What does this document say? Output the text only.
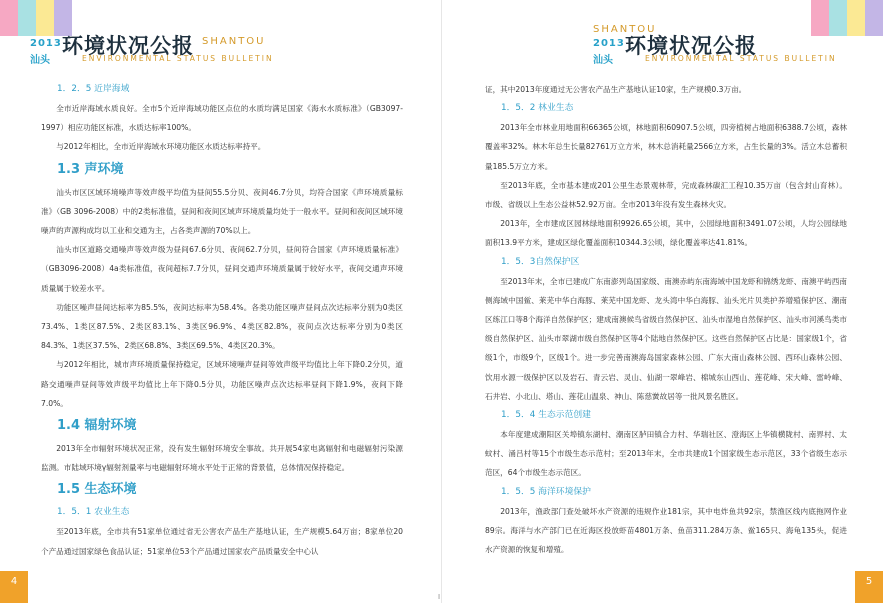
2013
汕头
环境状况公报 SHANTOU
ENVIRONMENTAL STATUS BULLETIN
1．2．5 近岸海域

全市近岸海域水质良好。全市5个近岸海域功能区点位的水质均满足国家《海水水质标准》（GB3097-1997）相应功能区标准，水质达标率100%。

与2012年相比，全市近岸海域水环境功能区水质达标率持平。

1.3 声环境

汕头市区区域环境噪声等效声级平均值为昼间55.5分贝、夜间46.7分贝，均符合国家《声环境质量标准》（GB 3096-2008）中的2类标准值，昼间和夜间区域声环境质量均处于一般水平。昼间和夜间区域环境噪声的声源构成均以工业和交通为主，占各类声源的70%以上。

汕头市区道路交通噪声等效声级为昼间67.6分贝、夜间62.7分贝，昼间符合国家《声环境质量标准》（GB3096-2008）4a类标准值，夜间超标7.7分贝，昼间交通声环境质量属于较好水平，夜间交通声环境质量属于较差水平。

功能区噪声昼间达标率为85.5%，夜间达标率为58.4%。各类功能区噪声昼间点次达标率分别为0类区73.4%、1类区87.5%、2类区83.1%、3类区96.9%、4类区82.8%，夜间点次达标率分别为0类区84.3%、1类区37.5%、2类区68.8%、3类区69.5%、4类区20.3%。

与2012年相比，城市声环境质量保持稳定，区域环境噪声昼间等效声级平均值比上年下降0.2分贝，道路交通噪声昼间等效声级平均值比上年下降0.5分贝，功能区噪声点次达标率昼间下降1.9%，夜间下降7.0%。

1.4 辐射环境

2013年全市辐射环境状况正常，没有发生辐射环境安全事故。共开展54家电离辐射和电磁辐射污染源监测。市陆域环境γ辐射剂量率与电磁辐射环境水平处于正常的背景值，总体情况保持稳定。

1.5 生态环境
1．5．1 农业生态

至2013年底，全市共有51家单位通过省无公害农产品生产基地认证，生产规模5.64万亩；8家单位20个产品通过国家绿色食品认证；51家单位53个产品通过国家农产品质量安全中心认

4
2013
汕头
环境状况公报
SHANTOU
ENVIRONMENTAL STATUS BULLETIN

证，其中2013年度通过无公害农产品生产基地认证10家，生产规模0.3万亩。

1．5．2 林业生态

2013年全市林业用地面积66365公顷，林地面积60907.5公顷，四旁植树占地面积6388.7公顷，森林覆盖率32%。林木年总生长量82761万立方米，林木总消耗量2566立方米，占生长量的3%。活立木总蓄积量185.5万立方米。

至2013年底，全市基本建成201公里生态景观林带，完成森林碳汇工程10.35万亩（包含封山育林）。市级、省级以上生态公益林52.92万亩。全市2013年没有发生森林火灾。

2013年，全市建成区园林绿地面积9926.65公顷，其中，公园绿地面积3491.07公顷，人均公园绿地面积13.9平方米，建成区绿化覆盖面积10344.3公顷，绿化覆盖率达41.81%。

1．5．3自然保护区

至2013年末，全市已建成广东南澎列岛国家级、南澳赤屿东南海域中国龙虾和锦绣龙虾、南澳平屿西南侧海域中国鲎、莱芜中华白海豚、莱芜中国龙虾、龙头湾中华白海豚、汕头光片贝类护养增殖保护区、潮南区练江口等8个海洋自然保护区；建成南澳候鸟省级自然保护区、汕头市湿地自然保护区、汕头市河溪鸟类市级自然保护区、汕头市翠湖市级自然保护区等4个陆地自然保护区。这些自然保护区占比是：国家级1个，省级1个，市级9个，区级1个。进一步完善南澳海岛国家森林公园、广东大南山森林公园、西环山森林公园、饮用水源一级保护区以及岩石、青云岩、灵山、仙湖一翠峰岩、棉城东山西山、莲花峰、宋大峰、雷岭峰、石井岩、小北山、塔山、莲花山温泉、神山、陈慈黉故居等一批风景名胜区。

1．5．4 生态示范创建

本年度建成潮阳区关埠镇东湖村、潮南区胪田镇合力村、华瑞社区、澄海区上华镇横陇村、南界村、太蚊村、涌吕村等15个市级生态示范村；至2013年末，全市共建成1个国家级生态示范区，33个省级生态示范区，64个市级生态示范区。

1．5．5 海洋环境保护

2013年，渔政部门查处破坏水产资源的违规作业181宗，其中电炸鱼共92宗，禁渔区线内底拖网作业89宗。海洋与水产部门已在近海区投放虾苗4801万条、鱼苗311.284万条、鲎165只、海龟135头，促进水产资源的恢复和增殖。

5
I
